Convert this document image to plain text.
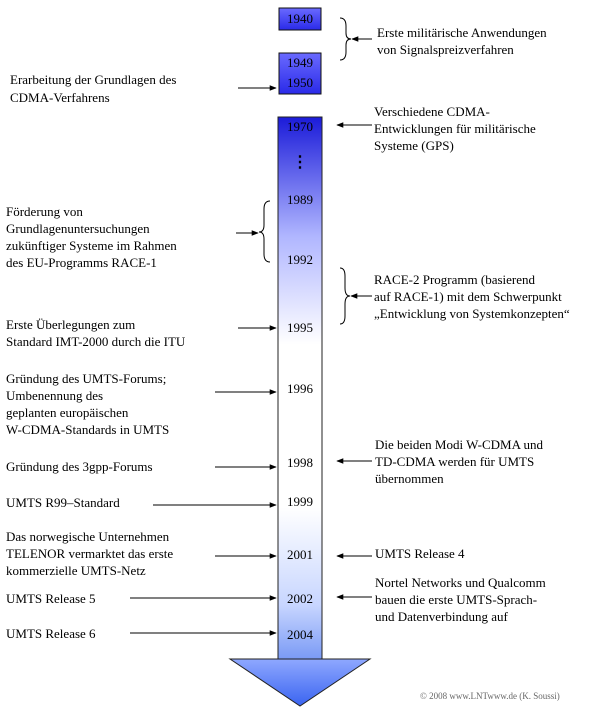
1940
1949
1950
1970
⋮
1989
1992
1995
1996
1998
1999
2001
2002
2004
Erarbeitung der Grundlagen des CDMA-Verfahrens
Förderung von Grundlagenuntersuchungen zukünftiger Systeme im Rahmen des EU-Programms RACE-1
Erste Überlegungen zum Standard IMT-2000 durch die ITU
Gründung des UMTS-Forums; Umbenennung des geplanten europäischen W-CDMA-Standards in UMTS
Gründung des 3gpp-Forums
UMTS R99–Standard
Das norwegische Unternehmen TELENOR vermarktet das erste kommerzielle UMTS-Netz
UMTS Release 5
UMTS Release 6
Erste militärische Anwendungen von Signalspreizverfahren
Verschiedene CDMA- Entwicklungen für militärische Systeme (GPS)
RACE-2 Programm (basierend auf RACE-1) mit dem Schwerpunkt „Entwicklung von Systemkonzepten“
Die beiden Modi W-CDMA und TD-CDMA werden für UMTS übernommen
UMTS Release 4
Nortel Networks und Qualcomm bauen die erste UMTS-Sprach- und Datenverbindung auf
© 2008 www.LNTwww.de (K. Soussi)
